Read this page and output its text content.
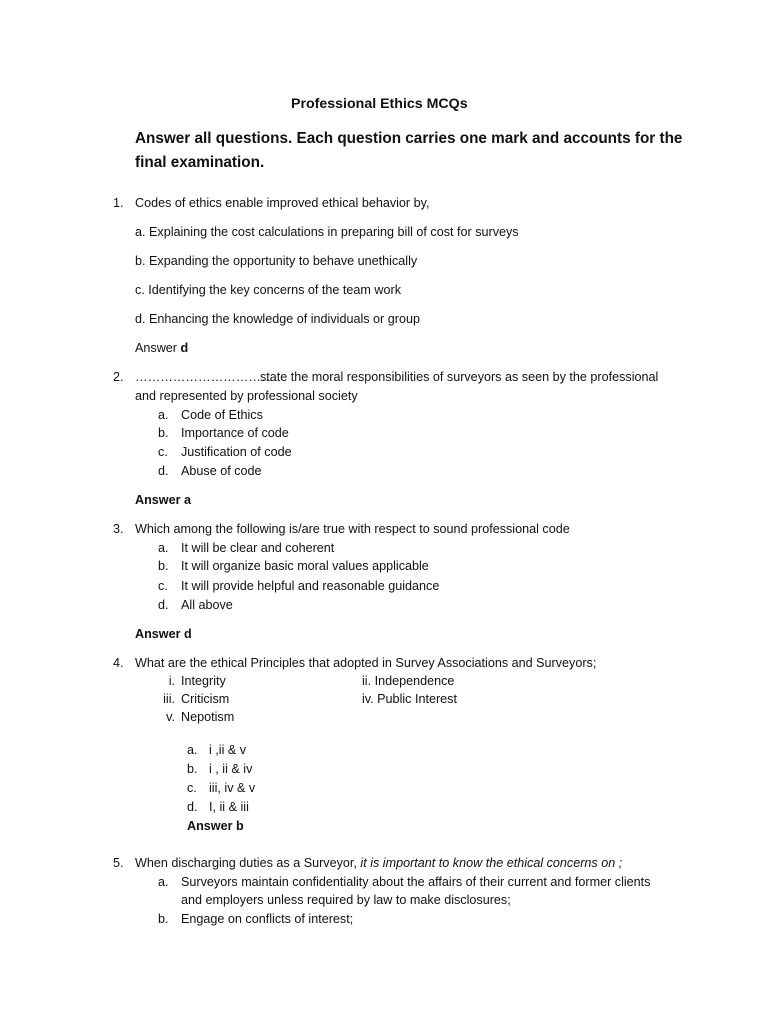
Professional Ethics MCQs
Answer all questions. Each question carries one mark and accounts for the final examination.
1. Codes of ethics enable improved ethical behavior by,
a. Explaining the cost calculations in preparing bill of cost for surveys
b. Expanding the opportunity to behave unethically
c. Identifying the key concerns of the team work
d. Enhancing the knowledge of individuals or group
Answer d
2. …………………………….
state the moral responsibilities of surveyors as seen by the professional
and represented by professional society
a. Code of Ethics
b. Importance of code
c. Justification of code
d. Abuse of code
Answer a
3. Which among the following is/are true with respect to sound professional code
a. It will be clear and coherent
b. It will organize basic moral values applicable
c. It will provide helpful and reasonable guidance
d. All above
Answer d
4. What are the ethical Principles that adopted in Survey Associations and Surveyors;
i. Integrity	ii. Independence
iii. Criticism	iv. Public Interest
v. Nepotism
a. i ,ii & v
b. i , ii & iv
c. iii, iv & v
d. I, ii & iii
Answer b
5. When discharging duties as a Surveyor, it is important to know the ethical concerns on ;
a. Surveyors maintain confidentiality about the affairs of their current and former clients
and employers unless required by law to make disclosures;
b. Engage on conflicts of interest;
